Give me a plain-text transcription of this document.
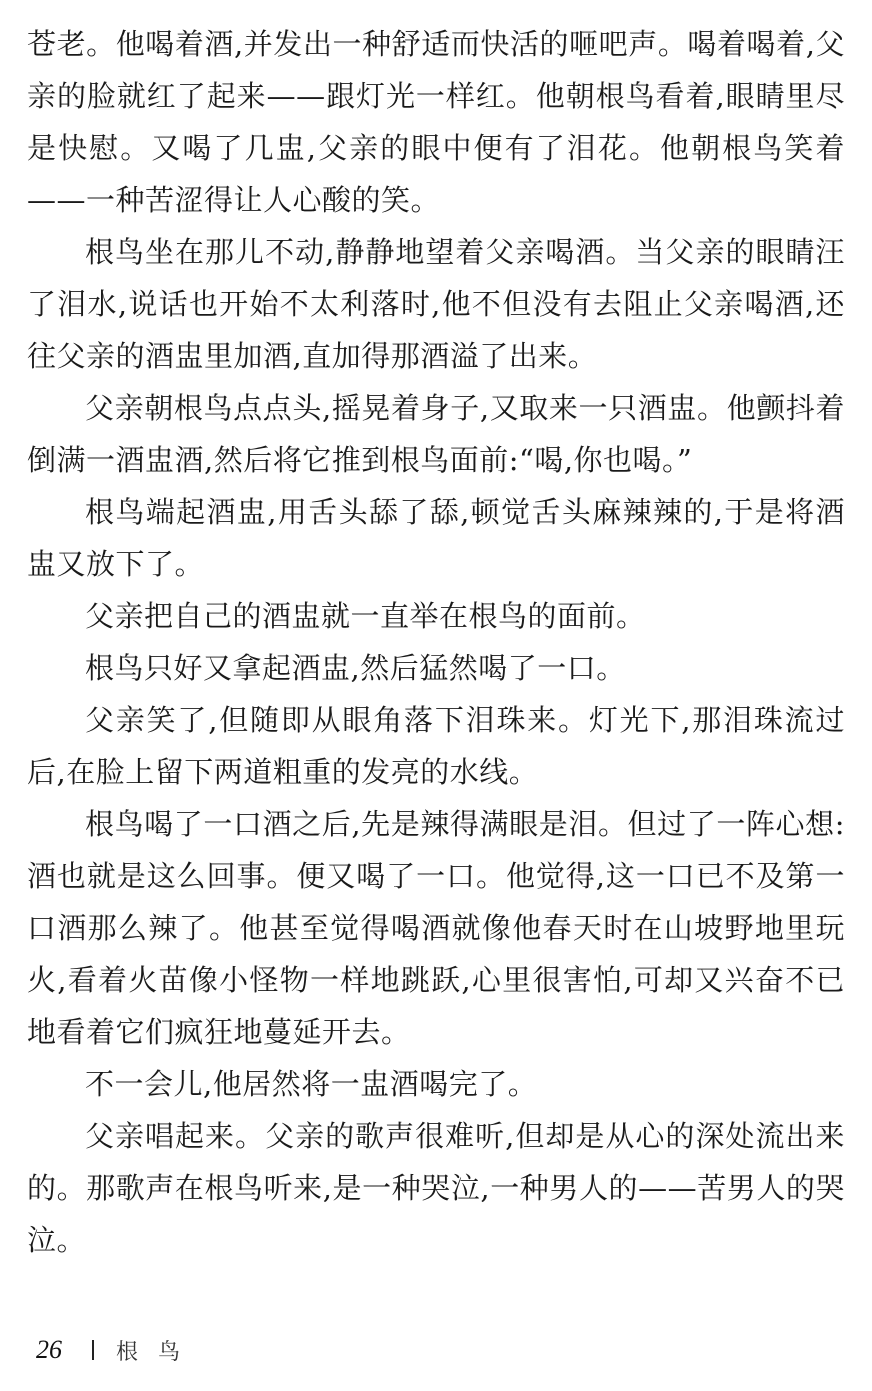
苍老。他喝着酒,并发出一种舒适而快活的咂吧声。喝着喝着,父亲的脸就红了起来——跟灯光一样红。他朝根鸟看着,眼睛里尽是快慰。又喝了几盅,父亲的眼中便有了泪花。他朝根鸟笑着——一种苦涩得让人心酸的笑。

根鸟坐在那儿不动,静静地望着父亲喝酒。当父亲的眼睛汪了泪水,说话也开始不太利落时,他不但没有去阻止父亲喝酒,还往父亲的酒盅里加酒,直加得那酒溢了出来。

父亲朝根鸟点点头,摇晃着身子,又取来一只酒盅。他颤抖着倒满一酒盅酒,然后将它推到根鸟面前:“喝,你也喝。”

根鸟端起酒盅,用舌头舔了舔,顿觉舌头麻辣辣的,于是将酒盅又放下了。

父亲把自己的酒盅就一直举在根鸟的面前。

根鸟只好又拿起酒盅,然后猛然喝了一口。

父亲笑了,但随即从眼角落下泪珠来。灯光下,那泪珠流过后,在脸上留下两道粗重的发亮的水线。

根鸟喝了一口酒之后,先是辣得满眼是泪。但过了一阵心想:酒也就是这么回事。便又喝了一口。他觉得,这一口已不及第一口酒那么辣了。他甚至觉得喝酒就像他春天时在山坡野地里玩火,看着火苗像小怪物一样地跳跃,心里很害怕,可却又兴奋不已地看着它们疯狂地蔓延开去。

不一会儿,他居然将一盅酒喝完了。

父亲唱起来。父亲的歌声很难听,但却是从心的深处流出来的。那歌声在根鸟听来,是一种哭泣,一种男人的——苦男人的哭泣。

26 根鸟
